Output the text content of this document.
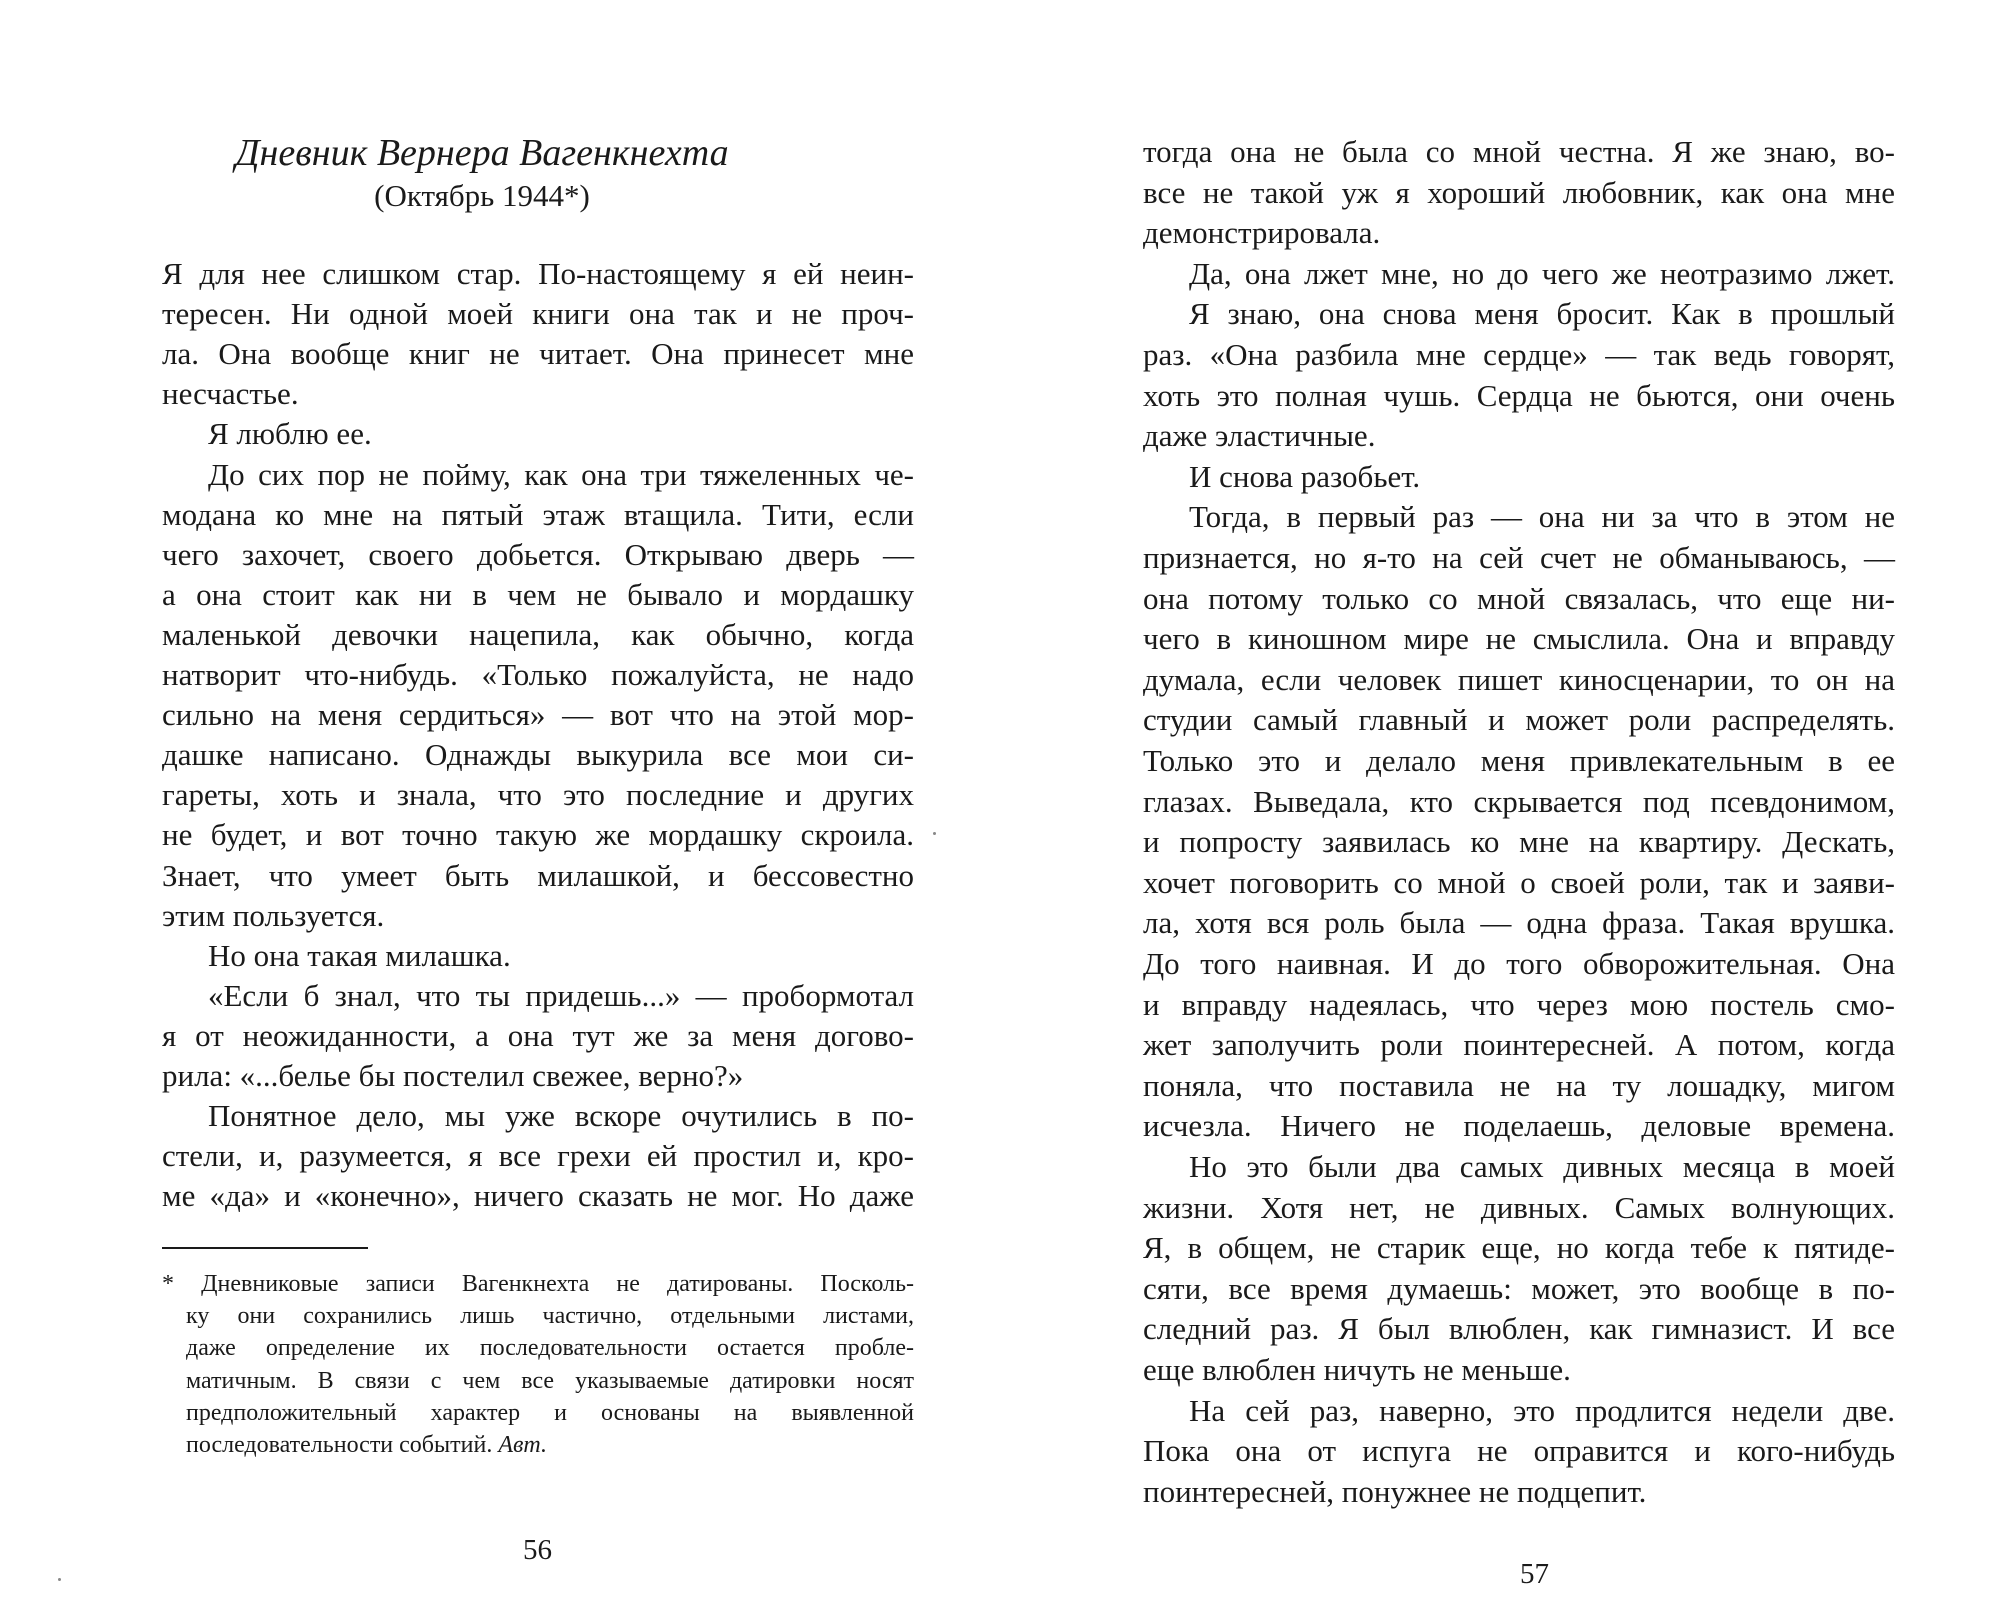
Дневник Вернера Вагенкнехта
(Октябрь 1944*)
Я для нее слишком стар. По-настоящему я ей неин-
тересен. Ни одной моей книги она так и не проч-
ла. Она вообще книг не читает. Она принесет мне
несчастье.
Я люблю ее.
До сих пор не пойму, как она три тяжеленных че-
модана ко мне на пятый этаж втащила. Тити, если
чего захочет, своего добьется. Открываю дверь —
а она стоит как ни в чем не бывало и мордашку
маленькой девочки нацепила, как обычно, когда
натворит что-нибудь. «Только пожалуйста, не надо
сильно на меня сердиться» — вот что на этой мор-
дашке написано. Однажды выкурила все мои си-
гареты, хоть и знала, что это последние и других
не будет, и вот точно такую же мордашку скроила.
Знает, что умеет быть милашкой, и бессовестно
этим пользуется.
Но она такая милашка.
«Если б знал, что ты придешь...» — пробормотал
я от неожиданности, а она тут же за меня догово-
рила: «...белье бы постелил свежее, верно?»
Понятное дело, мы уже вскоре очутились в по-
стели, и, разумеется, я все грехи ей простил и, кро-
ме «да» и «конечно», ничего сказать не мог. Но даже
* Дневниковые записи Вагенкнехта не датированы. Посколь-
ку они сохранились лишь частично, отдельными листами,
даже определение их последовательности остается пробле-
матичным. В связи с чем все указываемые датировки носят
предположительный характер и основаны на выявленной
последовательности событий. Авт.
56
тогда она не была со мной честна. Я же знаю, во-
все не такой уж я хороший любовник, как она мне
демонстрировала.
Да, она лжет мне, но до чего же неотразимо лжет.
Я знаю, она снова меня бросит. Как в прошлый
раз. «Она разбила мне сердце» — так ведь говорят,
хоть это полная чушь. Сердца не бьются, они очень
даже эластичные.
И снова разобьет.
Тогда, в первый раз — она ни за что в этом не
признается, но я-то на сей счет не обманываюсь, —
она потому только со мной связалась, что еще ни-
чего в киношном мире не смыслила. Она и вправду
думала, если человек пишет киносценарии, то он на
студии самый главный и может роли распределять.
Только это и делало меня привлекательным в ее
глазах. Выведала, кто скрывается под псевдонимом,
и попросту заявилась ко мне на квартиру. Дескать,
хочет поговорить со мной о своей роли, так и заяви-
ла, хотя вся роль была — одна фраза. Такая врушка.
До того наивная. И до того обворожительная. Она
и вправду надеялась, что через мою постель смо-
жет заполучить роли поинтересней. А потом, когда
поняла, что поставила не на ту лошадку, мигом
исчезла. Ничего не поделаешь, деловые времена.
Но это были два самых дивных месяца в моей
жизни. Хотя нет, не дивных. Самых волнующих.
Я, в общем, не старик еще, но когда тебе к пятиде-
сяти, все время думаешь: может, это вообще в по-
следний раз. Я был влюблен, как гимназист. И все
еще влюблен ничуть не меньше.
На сей раз, наверно, это продлится недели две.
Пока она от испуга не оправится и кого-нибудь
поинтересней, понужнее не подцепит.
57
